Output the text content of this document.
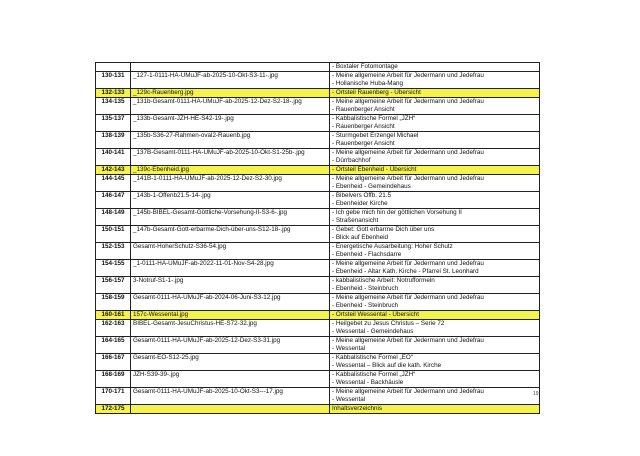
		- Boxtaler Fotomontage

130-131	_127-1-0111-HA-UMuJF-ab-2025-10-Okt-S3-11-.jpg	- Meine allgemeine Arbeit für Jedermann und Jedefrau
- Hollanische Huba-Mang

132-133	_129c-Rauenberg.jpg	- Ortsteil Rauenberg - Übersicht

134-135	_131b-Gesamt-0111-HA-UMuJF-ab-2025-12-Dez-S2-18-.jpg	- Meine allgemeine Arbeit für Jedermann und Jedefrau
- Rauenberger Ansicht

135-137	_133b-Gesamt-JZH-HE-S42-19-.jpg	- Kabbalistische Formel „JZH“
- Rauenberger Ansicht

138-139	_135b-S36-27-Rahmen-oval2-Rauenb.jpg	- Sturmgebet Erzengel Michael
- Rauenberger Ansicht

140-141	_137B-Gesamt-0111-HA-UMuJF-ab-2025-10-Okt-S1-25b-.jpg	- Meine allgemeine Arbeit für Jedermann und Jedefrau
- Dürrbachhof

142-143	_139c-Ebenheid.jpg	- Ortsteil Ebenheid - Übersicht

144-145	_141B-1-0111-HA-UMuJF-ab-2025-12-Dez-S2-30.jpg	- Meine allgemeine Arbeit für Jedermann und Jedefrau
- Ebenheid - Gemeindehaus

146-147	_143b-1-Offenb21.5-14-.jpg	- Bibelvers Offb. 21.5
- Ebenheider Kirche

148-149	_145b-BIBEL-Gesamt-Göttliche-Vorsehung-II-S3-6-.jpg	- Ich gebe mich hin der göttlichen Vorsehung II
- Straßenansicht

150-151	_147b-Gesamt-Gott-erbarme-Dich-über-uns-S12-18-.jpg	- Gebet: Gott erbarme Dich über uns
- Blick auf Ebenheid

152-153	Gesamt-HoherSchutz-S36-54.jpg	- Energetische Ausarbeitung: Hoher Schutz
- Ebenheid - Flachsdarre

154-155	_1-0111-HA-UMuJF-ab-2022-11-01-Nov-S4-28.jpg	- Meine allgemeine Arbeit für Jedermann und Jedefrau
- Ebenheid - Altar Kath. Kirche - Pfarrei St. Leonhard

156-157	3-Notruf-S1-1-.jpg	- kabbalistische Arbeit: Notrufformeln
- Ebenheid - Steinbruch

158-159	Gesamt-0111-HA-UMuJF-ab-2024-06-Juni-S3-12.jpg	- Meine allgemeine Arbeit für Jedermann und Jedefrau
- Ebenheid - Steinbruch

160-161	157c-Wessental.jpg	- Ortsteil Wessental - Übersicht

162-163	BIBEL-Gesamt-JesuChristus-HE-S72-32.jpg	- Heilgebet zu Jesus Christus – Serie 72
- Wessental - Gemeindehaus

164-165	Gesamt-0111-HA-UMuJF-ab-2025-12-Dez-S3-31.jpg	- Meine allgemeine Arbeit für Jedermann und Jedefrau
- Wessental

166-167	Gesamt-EO-S12-25.jpg	- Kabbalistische Formel „EO“
- Wessental – Blick auf die kath. Kirche

168-169	JZH-S39-39-.jpg	- Kabbalistische Formel „JZH“
- Wessental - Backhäusle

170-171	Gesamt-0111-HA-UMuJF-ab-2025-10-Okt-S3---17.jpg	- Meine allgemeine Arbeit für Jedermann und Jedefrau
- Wessental

172-175		Inhaltsverzeichnis
19
